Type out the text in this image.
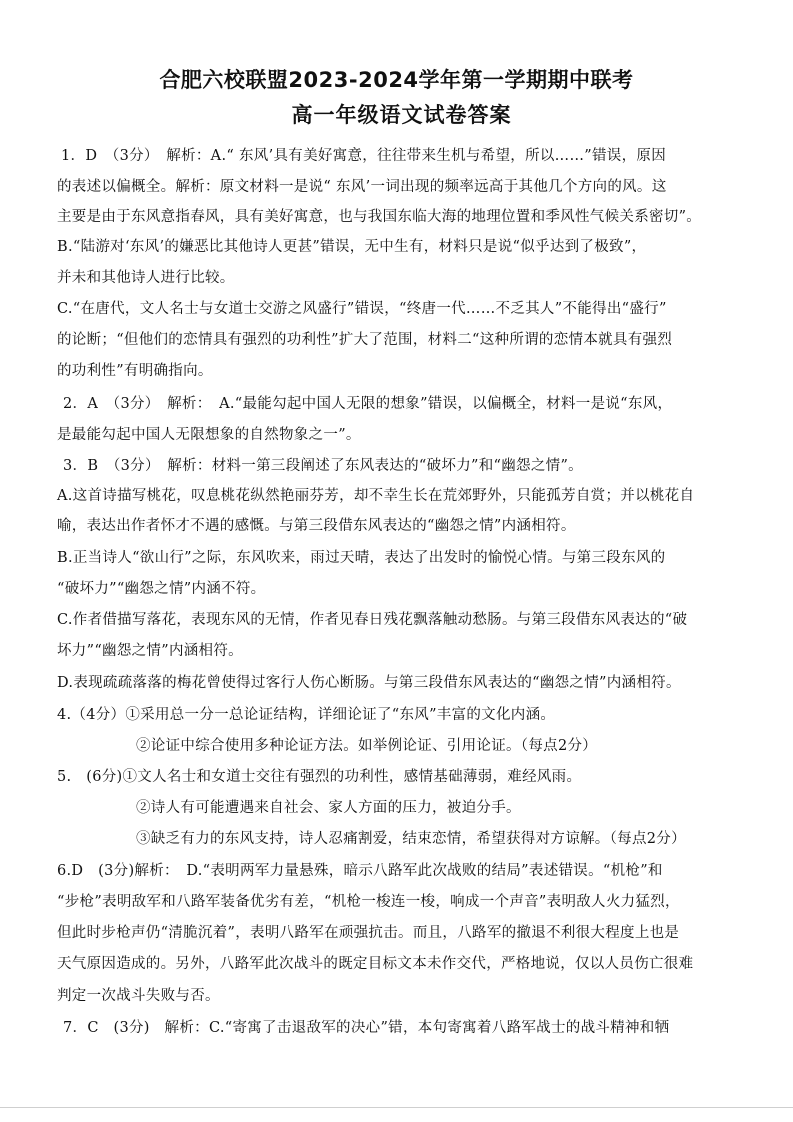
合肥六校联盟2023-2024学年第一学期期中联考
高一年级语文试卷答案
1．D　（3分）　解析：A.“ 东风’具有美好寓意，往往带来生机与希望，所以……”错误，原因
的表述以偏概全。解析：原文材料一是说“ 东风’一词出现的频率远高于其他几个方向的风。这
主要是由于东风意指春风，具有美好寓意，也与我国东临大海的地理位置和季风性气候关系密切”。
B.“陆游对‘东风’的嫌恶比其他诗人更甚”错误，无中生有，材料只是说“似乎达到了极致”，
并未和其他诗人进行比较。
C.“在唐代，文人名士与女道士交游之风盛行”错误，“终唐一代……不乏其人”不能得出“盛行”
的论断；“但他们的恋情具有强烈的功利性”扩大了范围，材料二“这种所谓的恋情本就具有强烈
的功利性”有明确指向。
2．A　（3分）　解析：　A.“最能勾起中国人无限的想象”错误，以偏概全，材料一是说“东风，
是最能勾起中国人无限想象的自然物象之一”。
3．B　（3分）　解析：材料一第三段阐述了东风表达的“破坏力”和“幽怨之情”。
A.这首诗描写桃花，叹息桃花纵然艳丽芬芳，却不幸生长在荒郊野外，只能孤芳自赏；并以桃花自
喻，表达出作者怀才不遇的感慨。与第三段借东风表达的“幽怨之情”内涵相符。
B.正当诗人“欲山行”之际，东风吹来，雨过天晴，表达了出发时的愉悦心情。与第三段东风的
“破坏力”“幽怨之情”内涵不符。
C.作者借描写落花，表现东风的无情，作者见春日残花飘落触动愁肠。与第三段借东风表达的“破
坏力”“幽怨之情”内涵相符。
D.表现疏疏落落的梅花曾使得过客行人伤心断肠。与第三段借东风表达的“幽怨之情”内涵相符。
4.（4分）①采用总一分一总论证结构，详细论证了“东风”丰富的文化内涵。
②论证中综合使用多种论证方法。如举例论证、引用论证。（每点2分）
5.　(6分)①文人名士和女道士交往有强烈的功利性，感情基础薄弱，难经风雨。
②诗人有可能遭遇来自社会、家人方面的压力，被迫分手。
③缺乏有力的东风支持，诗人忍痛割爱，结束恋情，希望获得对方谅解。（每点2分）
6.D　(3分)解析：　D.“表明两军力量悬殊，暗示八路军此次战败的结局”表述错误。“机枪”和
“步枪”表明敌军和八路军装备优劣有差，“机枪一梭连一梭，响成一个声音”表明敌人火力猛烈，
但此时步枪声仍“清脆沉着”，表明八路军在顽强抗击。而且，八路军的撤退不利很大程度上也是
天气原因造成的。另外，八路军此次战斗的既定目标文本未作交代，严格地说，仅以人员伤亡很难
判定一次战斗失败与否。
7．C　(3分)　解析：C.“寄寓了击退敌军的决心”错，本句寄寓着八路军战士的战斗精神和牺
